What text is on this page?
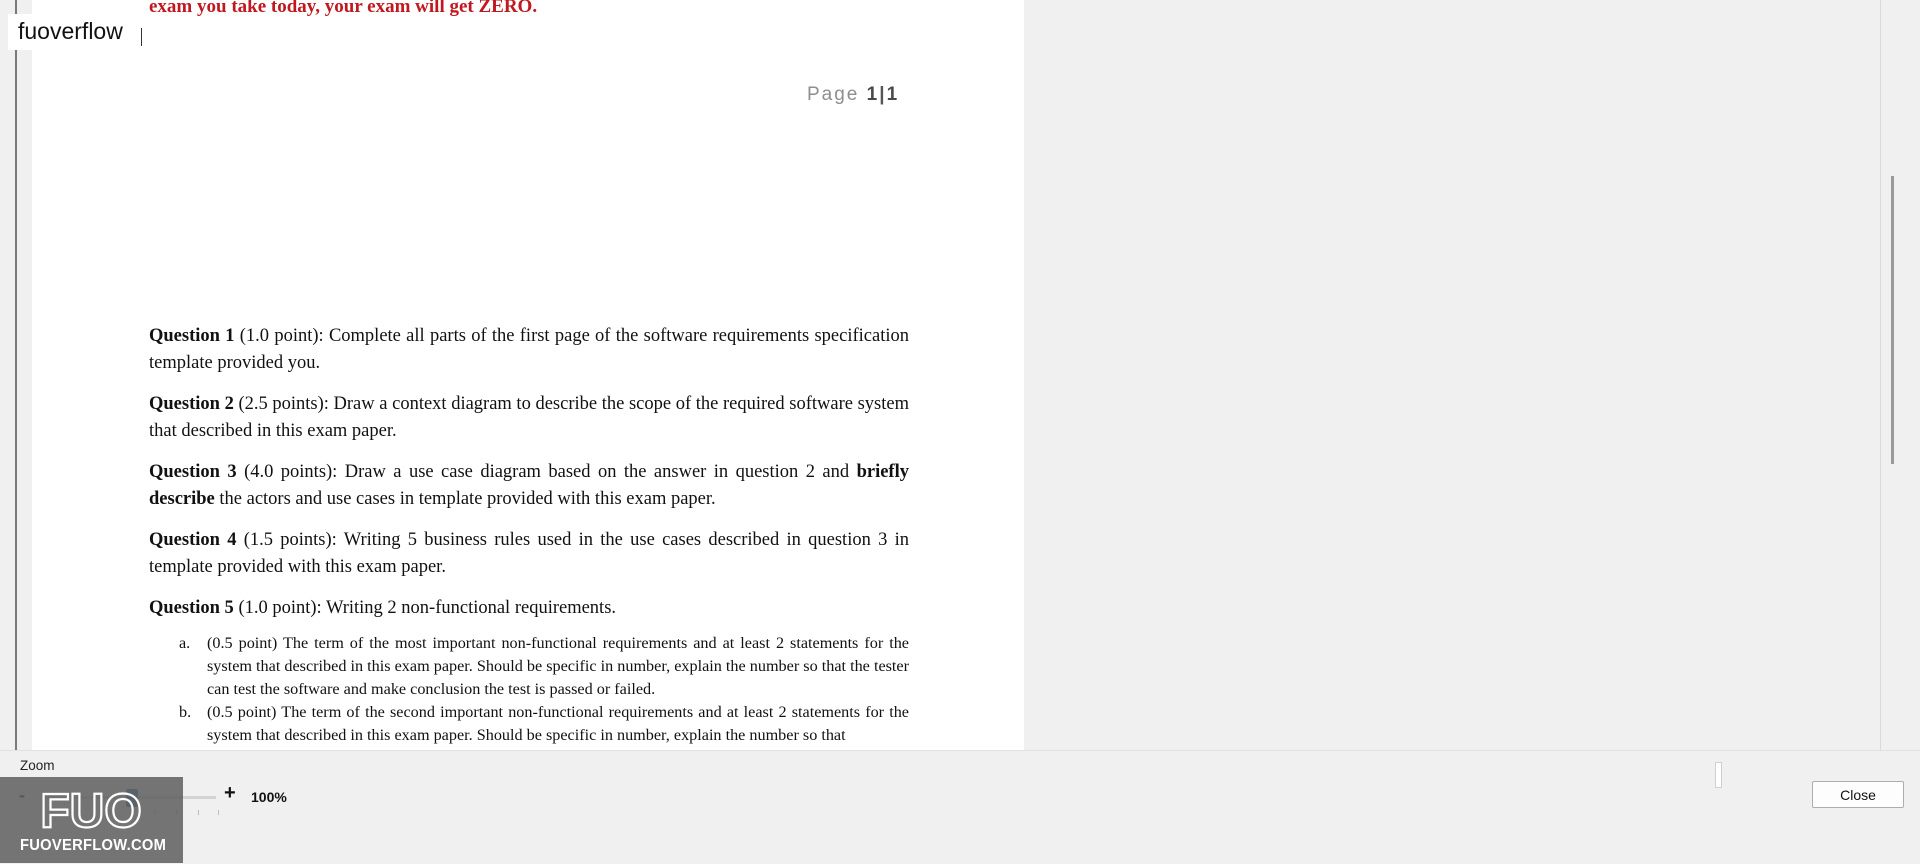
exam you take today, your exam will get ZERO.
Page 1|1

Question 1 (1.0 point): Complete all parts of the first page of the software requirements specification template provided you.

Question 2 (2.5 points): Draw a context diagram to describe the scope of the required software system that described in this exam paper.

Question 3 (4.0 points): Draw a use case diagram based on the answer in question 2 and briefly describe the actors and use cases in template provided with this exam paper.

Question 4 (1.5 points): Writing 5 business rules used in the use cases described in question 3 in template provided with this exam paper.

Question 5 (1.0 point): Writing 2 non-functional requirements.

a.	(0.5 point) The term of the most important non-functional requirements and at least 2 statements for the system that described in this exam paper. Should be specific in number, explain the number so that the tester can test the software and make conclusion the test is passed or failed.
b. (0.5 point) The term of the second important non-functional requirements and at least 2 statements for the system that described in this exam paper. Should be specific in number, explain the number so that
fuoverflow
Zoom
+ 100%	Close
FUO
FUOVERFLOW.COM
